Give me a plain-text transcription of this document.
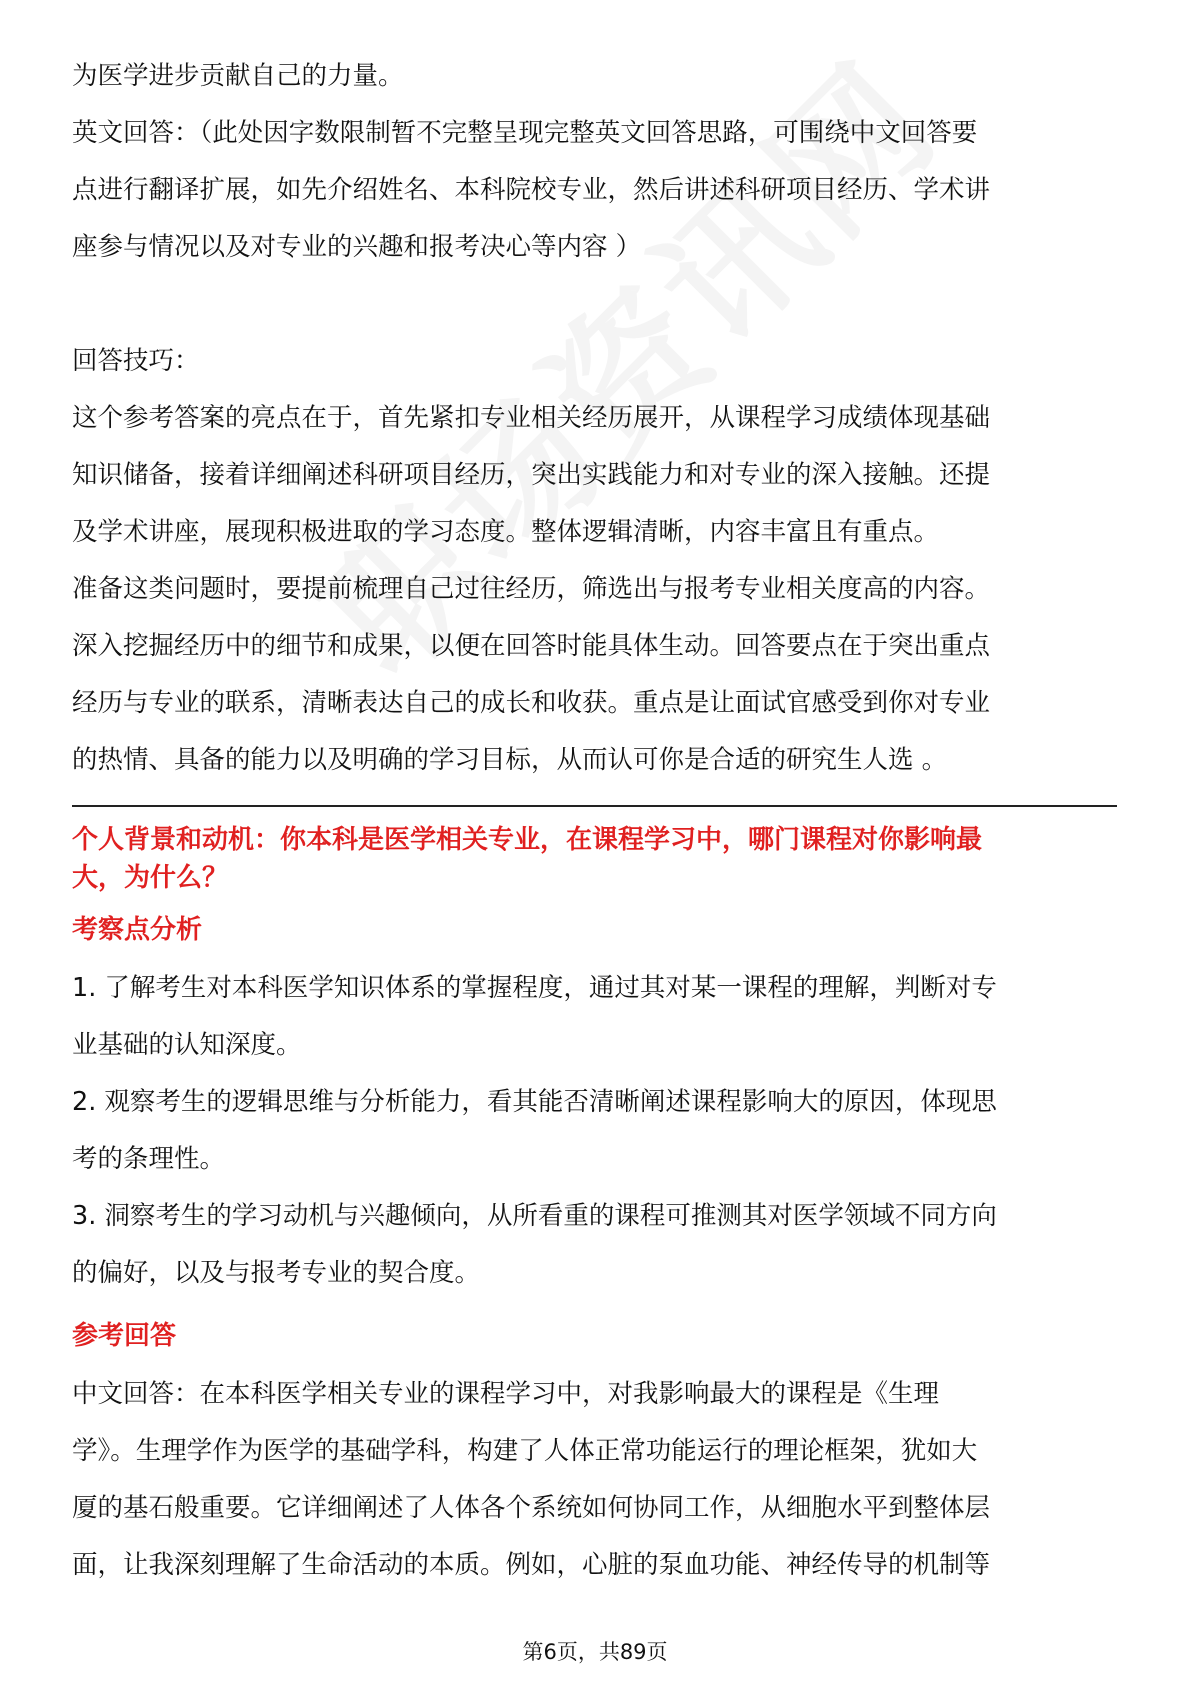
为医学进步贡献自己的力量。
英文回答：（此处因字数限制暂不完整呈现完整英文回答思路，可围绕中文回答要
点进行翻译扩展，如先介绍姓名、本科院校专业，然后讲述科研项目经历、学术讲
座参与情况以及对专业的兴趣和报考决心等内容 ）
回答技巧：
这个参考答案的亮点在于，首先紧扣专业相关经历展开，从课程学习成绩体现基础
知识储备，接着详细阐述科研项目经历，突出实践能力和对专业的深入接触。还提
及学术讲座，展现积极进取的学习态度。整体逻辑清晰，内容丰富且有重点。
准备这类问题时，要提前梳理自己过往经历，筛选出与报考专业相关度高的内容。
深入挖掘经历中的细节和成果，以便在回答时能具体生动。回答要点在于突出重点
经历与专业的联系，清晰表达自己的成长和收获。重点是让面试官感受到你对专业
的热情、具备的能力以及明确的学习目标，从而认可你是合适的研究生人选 。
个人背景和动机：你本科是医学相关专业，在课程学习中，哪门课程对你影响最
大，为什么？
考察点分析
1. 了解考生对本科医学知识体系的掌握程度，通过其对某一课程的理解，判断对专
业基础的认知深度。
2. 观察考生的逻辑思维与分析能力，看其能否清晰阐述课程影响大的原因，体现思
考的条理性。
3. 洞察考生的学习动机与兴趣倾向，从所看重的课程可推测其对医学领域不同方向
的偏好，以及与报考专业的契合度。
参考回答
中文回答：在本科医学相关专业的课程学习中，对我影响最大的课程是《生理
学》。生理学作为医学的基础学科，构建了人体正常功能运行的理论框架，犹如大
厦的基石般重要。它详细阐述了人体各个系统如何协同工作，从细胞水平到整体层
面，让我深刻理解了生命活动的本质。例如，心脏的泵血功能、神经传导的机制等
第6页，共89页
